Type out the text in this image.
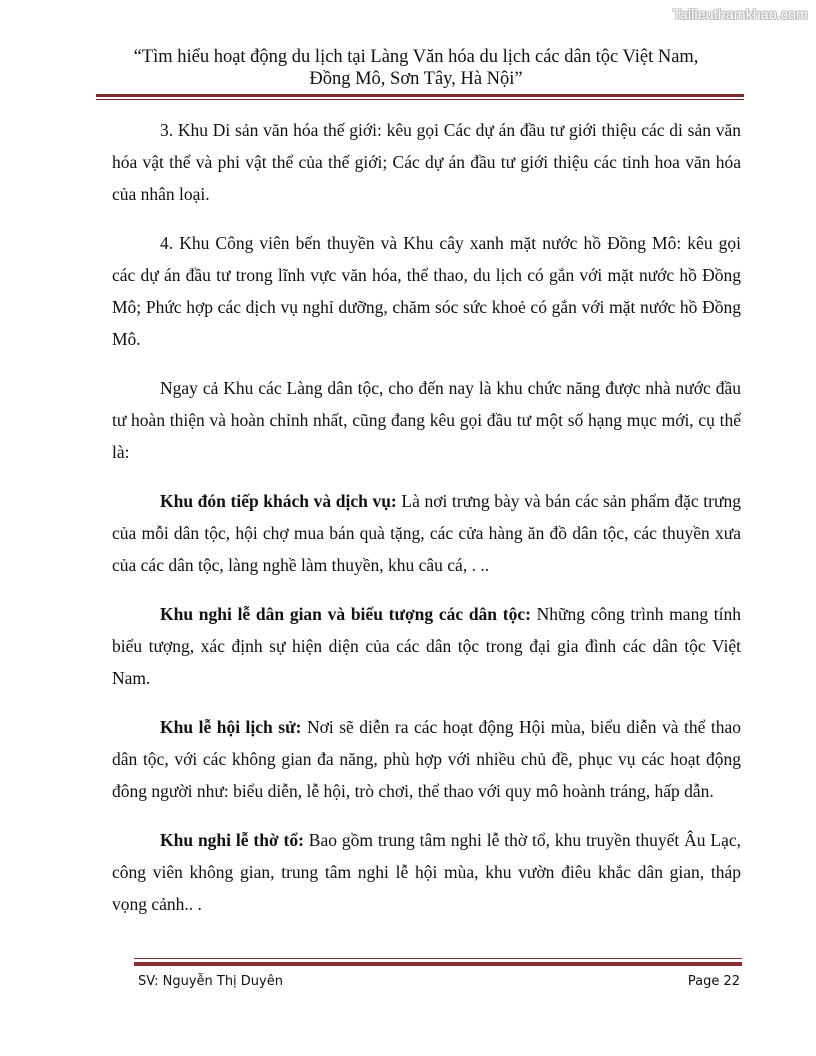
Tailieuthamkhao.com
“Tìm hiểu hoạt động du lịch tại Làng Văn hóa du lịch các dân tộc Việt Nam,
Đồng Mô, Sơn Tây, Hà Nội”

3. Khu Di sản văn hóa thế giới: kêu gọi Các dự án đầu tư giới thiệu các di sản văn hóa vật thể và phi vật thể của thế giới; Các dự án đầu tư giới thiệu các tinh hoa văn hóa của nhân loại.

4. Khu Công viên bến thuyền và Khu cây xanh mặt nước hồ Đồng Mô: kêu gọi các dự án đầu tư trong lĩnh vực văn hóa, thể thao, du lịch có gắn với mặt nước hồ Đồng Mô; Phức hợp các dịch vụ nghỉ dưỡng, chăm sóc sức khoẻ có gắn với mặt nước hồ Đồng Mô.

Ngay cả Khu các Làng dân tộc, cho đến nay là khu chức năng được nhà nước đầu tư hoàn thiện và hoàn chỉnh nhất, cũng đang kêu gọi đầu tư một số hạng mục mới, cụ thể là:

Khu đón tiếp khách và dịch vụ: Là nơi trưng bày và bán các sản phẩm đặc trưng của mỗi dân tộc, hội chợ mua bán quà tặng, các cửa hàng ăn đồ dân tộc, các thuyền xưa của các dân tộc, làng nghề làm thuyền, khu câu cá, . ..

Khu nghi lễ dân gian và biểu tượng các dân tộc: Những công trình mang tính biểu tượng, xác định sự hiện diện của các dân tộc trong đại gia đình các dân tộc Việt Nam.

Khu lễ hội lịch sử: Nơi sẽ diễn ra các hoạt động Hội mùa, biểu diễn và thể thao dân tộc, với các không gian đa năng, phù hợp với nhiều chủ đề, phục vụ các hoạt động đông người như: biểu diễn, lễ hội, trò chơi, thể thao với quy mô hoành tráng, hấp dẫn.

Khu nghi lễ thờ tổ: Bao gồm trung tâm nghi lễ thờ tổ, khu truyền thuyết Âu Lạc, công viên không gian, trung tâm nghi lễ hội mùa, khu vườn điêu khắc dân gian, tháp vọng cảnh.. .

SV: Nguyễn Thị Duyên	Page 22
